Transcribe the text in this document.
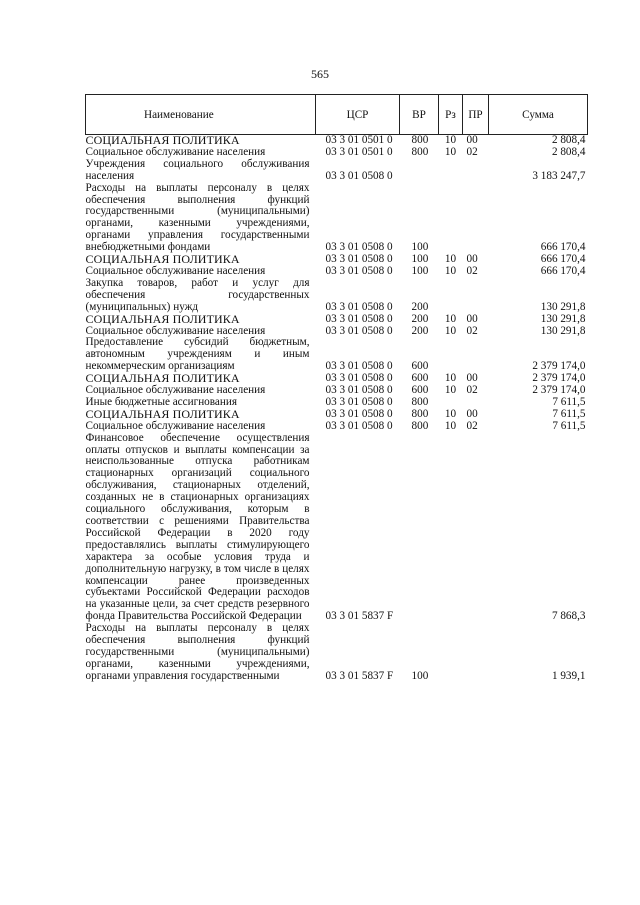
565
Наименование	ЦСР	ВР	Рз	ПР	Сумма
СОЦИАЛЬНАЯ ПОЛИТИКА	03 3 01 0501 0	800	10	00	2 808,4
Социальное обслуживание населения	03 3 01 0501 0	800	10	02	2 808,4
Учреждения социального обслуживания населения	03 3 01 0508 0				3 183 247,7
Расходы на выплаты персоналу в целях обеспечения выполнения функций государственными (муниципальными) органами, казенными учреждениями, органами управления государственными внебюджетными фондами	03 3 01 0508 0	100			666 170,4
СОЦИАЛЬНАЯ ПОЛИТИКА	03 3 01 0508 0	100	10	00	666 170,4
Социальное обслуживание населения	03 3 01 0508 0	100	10	02	666 170,4
Закупка товаров, работ и услуг для обеспечения государственных (муниципальных) нужд	03 3 01 0508 0	200			130 291,8
СОЦИАЛЬНАЯ ПОЛИТИКА	03 3 01 0508 0	200	10	00	130 291,8
Социальное обслуживание населения	03 3 01 0508 0	200	10	02	130 291,8
Предоставление субсидий бюджетным, автономным учреждениям и иным некоммерческим организациям	03 3 01 0508 0	600			2 379 174,0
СОЦИАЛЬНАЯ ПОЛИТИКА	03 3 01 0508 0	600	10	00	2 379 174,0
Социальное обслуживание населения	03 3 01 0508 0	600	10	02	2 379 174,0
Иные бюджетные ассигнования	03 3 01 0508 0	800			7 611,5
СОЦИАЛЬНАЯ ПОЛИТИКА	03 3 01 0508 0	800	10	00	7 611,5
Социальное обслуживание населения	03 3 01 0508 0	800	10	02	7 611,5
Финансовое обеспечение осуществления оплаты отпусков и выплаты компенсации за неиспользованные отпуска работникам стационарных организаций социального обслуживания, стационарных отделений, созданных не в стационарных организациях социального обслуживания, которым в соответствии с решениями Правительства Российской Федерации в 2020 году предоставлялись выплаты стимулирующего характера за особые условия труда и дополнительную нагрузку, в том числе в целях компенсации ранее произведенных субъектами Российской Федерации расходов на указанные цели, за счет средств резервного фонда Правительства Российской Федерации	03 3 01 5837 F				7 868,3
Расходы на выплаты персоналу в целях обеспечения выполнения функций государственными (муниципальными) органами, казенными учреждениями, органами управления государственными	03 3 01 5837 F	100			1 939,1
